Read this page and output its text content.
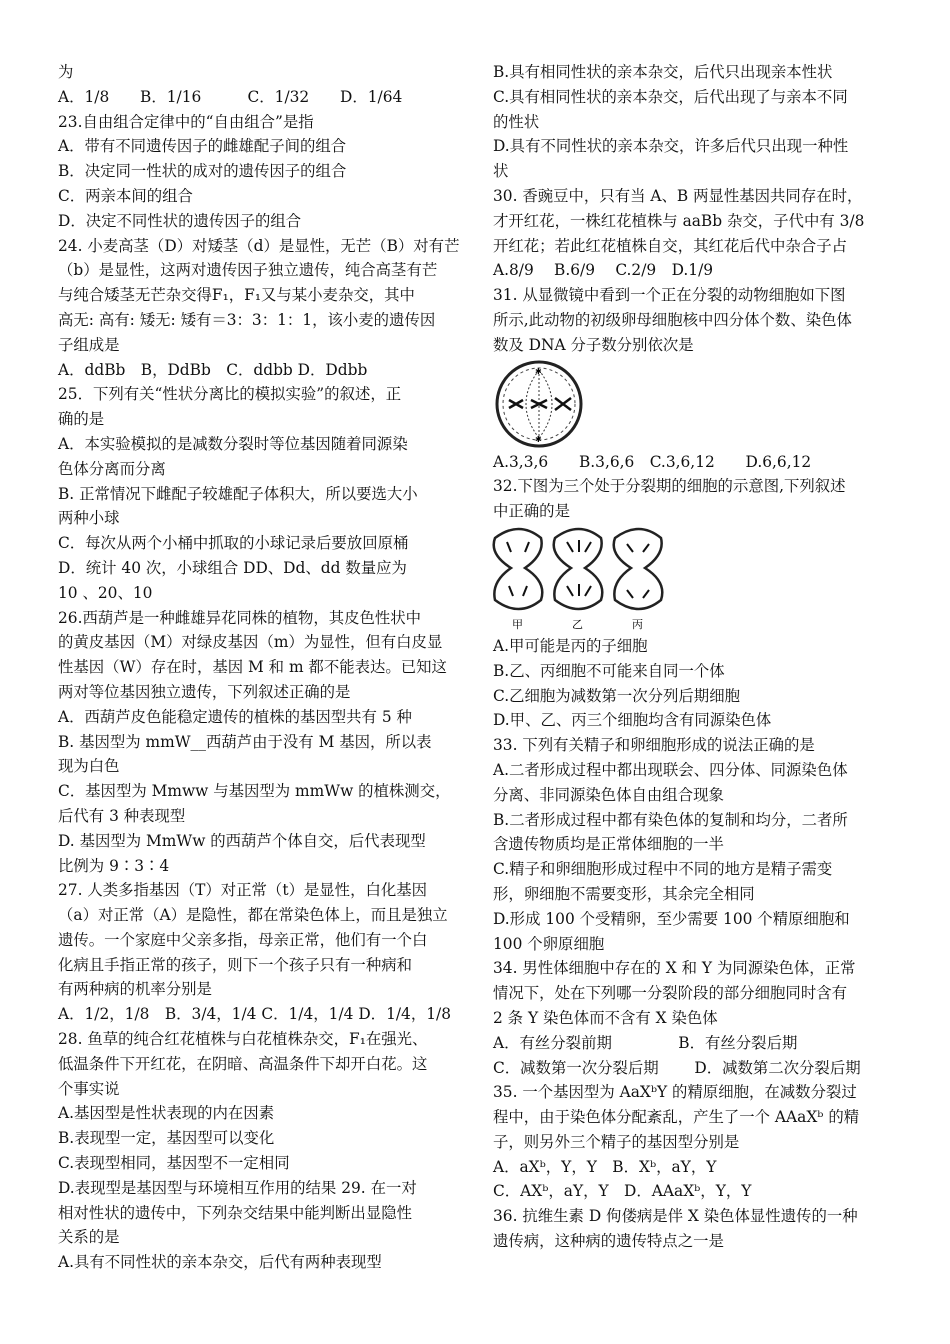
为
A．1/8　　B．1/16　　　C．1/32　　D．1/64
23.自由组合定律中的“自由组合”是指
A．带有不同遗传因子的雌雄配子间的组合
B．决定同一性状的成对的遗传因子的组合
C．两亲本间的组合
D．决定不同性状的遗传因子的组合
24. 小麦高茎（D）对矮茎（d）是显性，无芒（B）对有芒
（b）是显性，这两对遗传因子独立遗传，纯合高茎有芒
与纯合矮茎无芒杂交得F₁，F₁又与某小麦杂交，其中
高无: 高有: 矮无: 矮有＝3：3：1：1，该小麦的遗传因
子组成是
A．ddBb　B，DdBb　C．ddbb D．Ddbb
25．下列有关“性状分离比的模拟实验”的叙述，正
确的是
A．本实验模拟的是减数分裂时等位基因随着同源染
色体分离而分离
B. 正常情况下雌配子较雄配子体积大，所以要选大小
两种小球
C．每次从两个小桶中抓取的小球记录后要放回原桶
D．统计 40 次，小球组合 DD、Dd、dd 数量应为
10 、20、10
26.西葫芦是一种雌雄异花同株的植物，其皮色性状中
的黄皮基因（M）对绿皮基因（m）为显性，但有白皮显
性基因（W）存在时，基因 M 和 m 都不能表达。已知这
两对等位基因独立遗传，下列叙述正确的是
A．西葫芦皮色能稳定遗传的植株的基因型共有 5 种
B. 基因型为 mmW__西葫芦由于没有 M 基因，所以表
现为白色
C．基因型为 Mmww 与基因型为 mmWw 的植株测交，
后代有 3 种表现型
D. 基因型为 MmWw 的西葫芦个体自交，后代表现型
比例为 9∶3∶4
27. 人类多指基因（T）对正常（t）是显性，白化基因
（a）对正常（A）是隐性，都在常染色体上，而且是独立
遗传。一个家庭中父亲多指，母亲正常，他们有一个白
化病且手指正常的孩子，则下一个孩子只有一种病和
有两种病的机率分别是
A．1/2，1/8　B．3/4，1/4 C．1/4，1/4 D．1/4，1/8
28. 鱼草的纯合红花植株与白花植株杂交，F₁在强光、
低温条件下开红花，在阴暗、高温条件下却开白花。这
个事实说
A.基因型是性状表现的内在因素
B.表现型一定，基因型可以变化
C.表现型相同，基因型不一定相同
D.表现型是基因型与环境相互作用的结果 29. 在一对
相对性状的遗传中，下列杂交结果中能判断出显隐性
关系的是
A.具有不同性状的亲本杂交，后代有两种表现型
B.具有相同性状的亲本杂交，后代只出现亲本性状
C.具有相同性状的亲本杂交，后代出现了与亲本不同
的性状
D.具有不同性状的亲本杂交，许多后代只出现一种性
状
30. 香豌豆中，只有当 A、B 两显性基因共同存在时，
才开红花，一株红花植株与 aaBb 杂交，子代中有 3/8
开红花；若此红花植株自交，其红花后代中杂合子占
A.8/9　 B.6/9　 C.2/9　D.1/9
31. 从显微镜中看到一个正在分裂的动物细胞如下图
所示,此动物的初级卵母细胞核中四分体个数、染色体
数及 DNA 分子数分别依次是
✱
✱
A.3,3,6　　B.3,6,6　C.3,6,12　　D.6,6,12
32.下图为三个处于分裂期的细胞的示意图,下列叙述
中正确的是
甲	乙	丙
A.甲可能是丙的子细胞
B.乙、丙细胞不可能来自同一个体
C.乙细胞为减数第一次分列后期细胞
D.甲、乙、丙三个细胞均含有同源染色体
33. 下列有关精子和卵细胞形成的说法正确的是
A.二者形成过程中都出现联会、四分体、同源染色体
分离、非同源染色体自由组合现象
B.二者形成过程中都有染色体的复制和均分，二者所
含遗传物质均是正常体细胞的一半
C.精子和卵细胞形成过程中不同的地方是精子需变
形，卵细胞不需要变形，其余完全相同
D.形成 100 个受精卵，至少需要 100 个精原细胞和
100 个卵原细胞
34. 男性体细胞中存在的 X 和 Y 为同源染色体，正常
情况下，处在下列哪一分裂阶段的部分细胞同时含有
2 条 Y 染色体而不含有 X 染色体
A．有丝分裂前期　　　　 B．有丝分裂后期
C．减数第一次分裂后期　　 D．减数第二次分裂后期
35. 一个基因型为 AaXᵇY 的精原细胞，在减数分裂过
程中，由于染色体分配紊乱，产生了一个 AAaXᵇ 的精
子，则另外三个精子的基因型分别是
A．aXᵇ，Y，Y　B．Xᵇ，aY，Y
C．AXᵇ，aY，Y　D．AAaXᵇ，Y，Y
36. 抗维生素 D 佝偻病是伴 X 染色体显性遗传的一种
遗传病，这种病的遗传特点之一是
